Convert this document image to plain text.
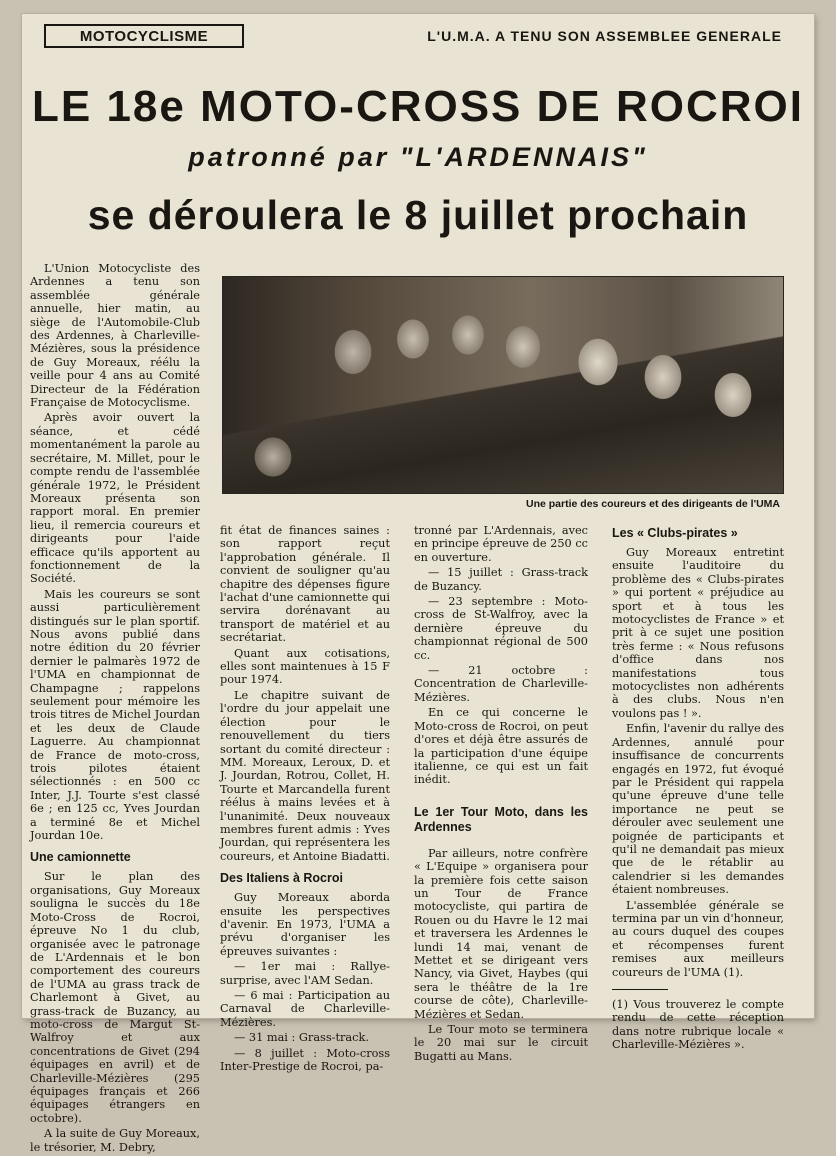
MOTOCYCLISME	L'U.M.A. A TENU SON ASSEMBLEE GENERALE
LE 18e MOTO-CROSS DE ROCROI
patronné par "L'ARDENNAIS"
se déroulera le 8 juillet prochain

L'Union Motocycliste des Ardennes a tenu son assemblée générale annuelle, hier matin, au siège de l'Automobile-Club des Ardennes, à Charleville-Mézières, sous la présidence de Guy Moreaux, réélu la veille pour 4 ans au Comité Directeur de la Fédération Française de Motocyclisme.

Après avoir ouvert la séance, et cédé momentanément la parole au secrétaire, M. Millet, pour le compte rendu de l'assemblée générale 1972, le Président Moreaux présenta son rapport moral. En premier lieu, il remercia coureurs et dirigeants pour l'aide efficace qu'ils apportent au fonctionnement de la Société.

Mais les coureurs se sont aussi particulièrement distingués sur le plan sportif. Nous avons publié dans notre édition du 20 février dernier le palmarès 1972 de l'UMA en championnat de Champagne ; rappelons seulement pour mémoire les trois titres de Michel Jourdan et les deux de Claude Laguerre. Au championnat de France de moto-cross, trois pilotes étaient sélectionnés : en 500 cc Inter, J.J. Tourte s'est classé 6e ; en 125 cc, Yves Jourdan a terminé 8e et Michel Jourdan 10e.

Une camionnette

Sur le plan des organisations, Guy Moreaux souligna le succès du 18e Moto-Cross de Rocroi, épreuve No 1 du club, organisée avec le patronage de L'Ardennais et le bon comportement des coureurs de l'UMA au grass track de Charlemont à Givet, au grass-track de Buzancy, au moto-cross de Margut St-Walfroy et aux concentrations de Givet (294 équipages en avril) et de Charleville-Mézières (295 équipages français et 266 équipages étrangers en octobre).

A la suite de Guy Moreaux, le trésorier, M. Debry,

Une partie des coureurs et des dirigeants de l'UMA

fit état de finances saines : son rapport reçut l'approbation générale. Il convient de souligner qu'au chapitre des dépenses figure l'achat d'une camionnette qui servira dorénavant au transport de matériel et au secrétariat.

Quant aux cotisations, elles sont maintenues à 15 F pour 1974.

Le chapitre suivant de l'ordre du jour appelait une élection pour le renouvellement du tiers sortant du comité directeur : MM. Moreaux, Leroux, D. et J. Jourdan, Rotrou, Collet, H. Tourte et Marcandella furent réélus à mains levées et à l'unanimité. Deux nouveaux membres furent admis : Yves Jourdan, qui représentera les coureurs, et Antoine Biadatti.

Des Italiens à Rocroi

Guy Moreaux aborda ensuite les perspectives d'avenir. En 1973, l'UMA a prévu d'organiser les épreuves suivantes :

— 1er mai : Rallye-surprise, avec l'AM Sedan.

— 6 mai : Participation au Carnaval de Charleville-Mézières.

— 31 mai : Grass-track.

— 8 juillet : Moto-cross Inter-Prestige de Rocroi, pa-

tronné par L'Ardennais, avec en principe épreuve de 250 cc en ouverture.

— 15 juillet : Grass-track de Buzancy.

— 23 septembre : Moto-cross de St-Walfroy, avec la dernière épreuve du championnat régional de 500 cc.

— 21 octobre : Concentration de Charleville-Mézières.

En ce qui concerne le Moto-cross de Rocroi, on peut d'ores et déjà être assurés de la participation d'une équipe italienne, ce qui est un fait inédit.

Le 1er Tour Moto, dans les Ardennes

Par ailleurs, notre confrère « L'Equipe » organisera pour la première fois cette saison un Tour de France motocycliste, qui partira de Rouen ou du Havre le 12 mai et traversera les Ardennes le lundi 14 mai, venant de Mettet et se dirigeant vers Nancy, via Givet, Haybes (qui sera le théâtre de la 1re course de côte), Charleville-Mézières et Sedan.

Le Tour moto se terminera le 20 mai sur le circuit Bugatti au Mans.

Les « Clubs-pirates »

Guy Moreaux entretint ensuite l'auditoire du problème des « Clubs-pirates » qui portent « préjudice au sport et à tous les motocyclistes de France » et prit à ce sujet une position très ferme : « Nous refusons d'office dans nos manifestations tous motocyclistes non adhérents à des clubs. Nous n'en voulons pas ! ».

Enfin, l'avenir du rallye des Ardennes, annulé pour insuffisance de concurrents engagés en 1972, fut évoqué par le Président qui rappela qu'une épreuve d'une telle importance ne peut se dérouler avec seulement une poignée de participants et qu'il ne demandait pas mieux que de le rétablir au calendrier si les demandes étaient nombreuses.

L'assemblée générale se termina par un vin d'honneur, au cours duquel des coupes et récompenses furent remises aux meilleurs coureurs de l'UMA (1).

(1) Vous trouverez le compte rendu de cette réception dans notre rubrique locale « Charleville-Mézières ».
